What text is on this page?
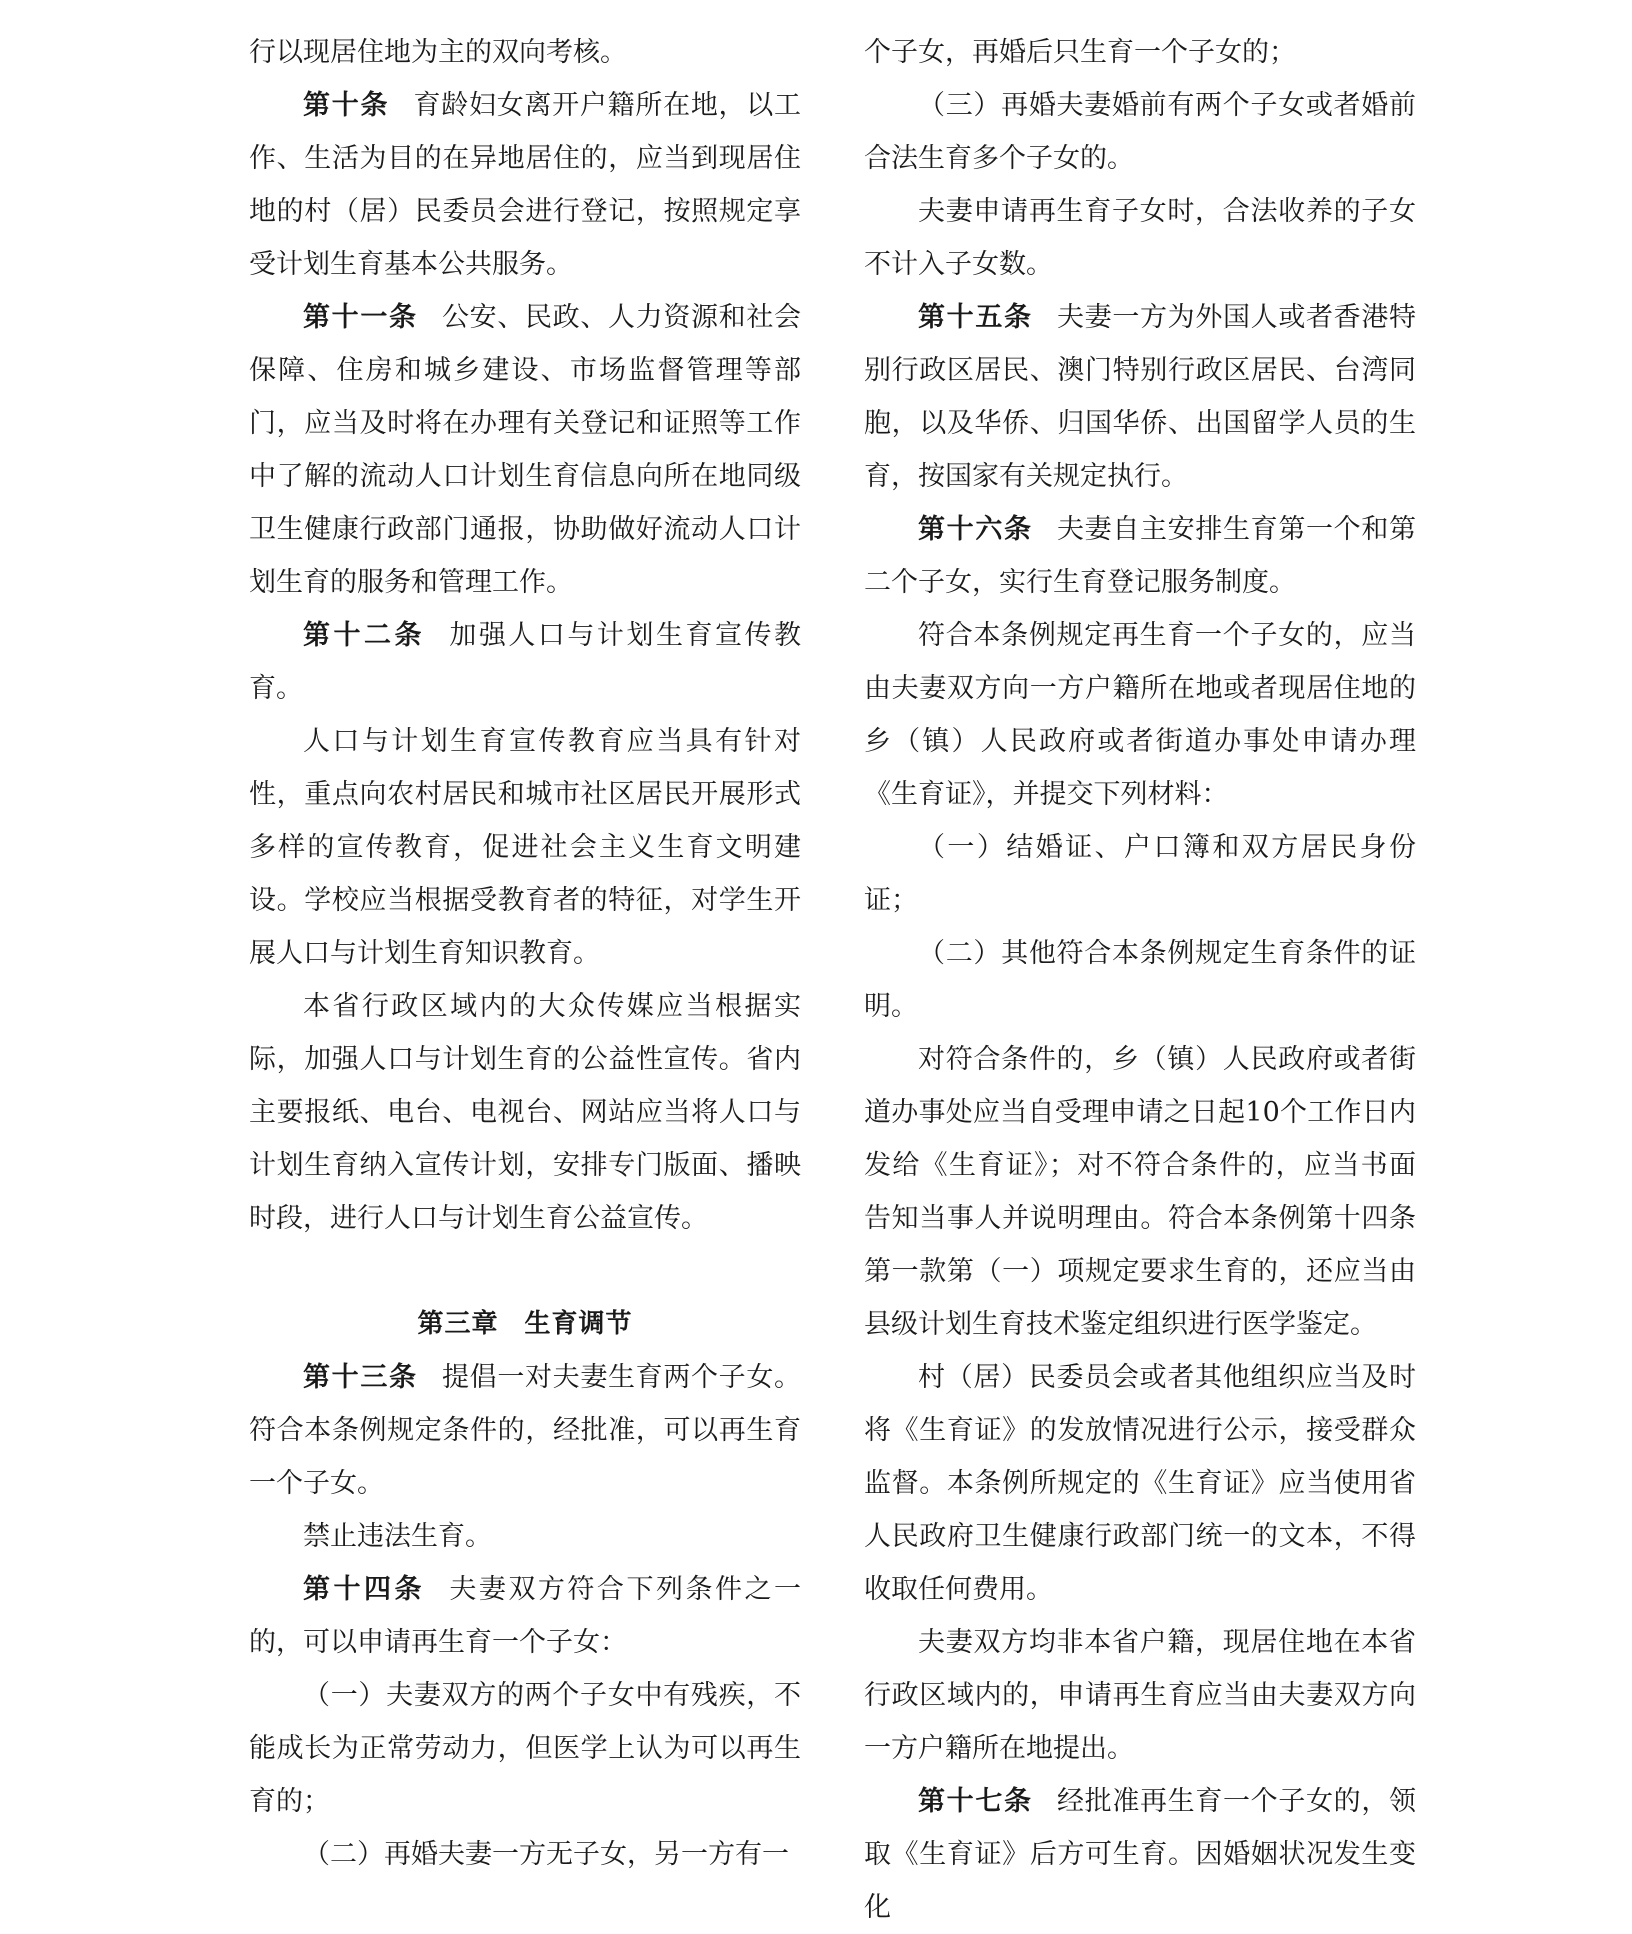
行以现居住地为主的双向考核。

第十条 育龄妇女离开户籍所在地，以工作、生活为目的在异地居住的，应当到现居住地的村（居）民委员会进行登记，按照规定享受计划生育基本公共服务。

第十一条 公安、民政、人力资源和社会保障、住房和城乡建设、市场监督管理等部门，应当及时将在办理有关登记和证照等工作中了解的流动人口计划生育信息向所在地同级卫生健康行政部门通报，协助做好流动人口计划生育的服务和管理工作。

第十二条 加强人口与计划生育宣传教育。

人口与计划生育宣传教育应当具有针对性，重点向农村居民和城市社区居民开展形式多样的宣传教育，促进社会主义生育文明建设。学校应当根据受教育者的特征，对学生开展人口与计划生育知识教育。

本省行政区域内的大众传媒应当根据实际，加强人口与计划生育的公益性宣传。省内主要报纸、电台、电视台、网站应当将人口与计划生育纳入宣传计划，安排专门版面、播映时段，进行人口与计划生育公益宣传。

第三章 生育调节

第十三条 提倡一对夫妻生育两个子女。符合本条例规定条件的，经批准，可以再生育一个子女。

禁止违法生育。

第十四条 夫妻双方符合下列条件之一的，可以申请再生育一个子女：

（一）夫妻双方的两个子女中有残疾，不能成长为正常劳动力，但医学上认为可以再生育的；

（二）再婚夫妻一方无子女，另一方有一

个子女，再婚后只生育一个子女的；

（三）再婚夫妻婚前有两个子女或者婚前合法生育多个子女的。

夫妻申请再生育子女时，合法收养的子女不计入子女数。

第十五条 夫妻一方为外国人或者香港特别行政区居民、澳门特别行政区居民、台湾同胞，以及华侨、归国华侨、出国留学人员的生育，按国家有关规定执行。

第十六条 夫妻自主安排生育第一个和第二个子女，实行生育登记服务制度。

符合本条例规定再生育一个子女的，应当由夫妻双方向一方户籍所在地或者现居住地的乡（镇）人民政府或者街道办事处申请办理《生育证》，并提交下列材料：

（一）结婚证、户口簿和双方居民身份证；

（二）其他符合本条例规定生育条件的证明。

对符合条件的，乡（镇）人民政府或者街道办事处应当自受理申请之日起10个工作日内发给《生育证》；对不符合条件的，应当书面告知当事人并说明理由。符合本条例第十四条第一款第（一）项规定要求生育的，还应当由县级计划生育技术鉴定组织进行医学鉴定。

村（居）民委员会或者其他组织应当及时将《生育证》的发放情况进行公示，接受群众监督。本条例所规定的《生育证》应当使用省人民政府卫生健康行政部门统一的文本，不得收取任何费用。

夫妻双方均非本省户籍，现居住地在本省行政区域内的，申请再生育应当由夫妻双方向一方户籍所在地提出。

第十七条 经批准再生育一个子女的，领取《生育证》后方可生育。因婚姻状况发生变化
